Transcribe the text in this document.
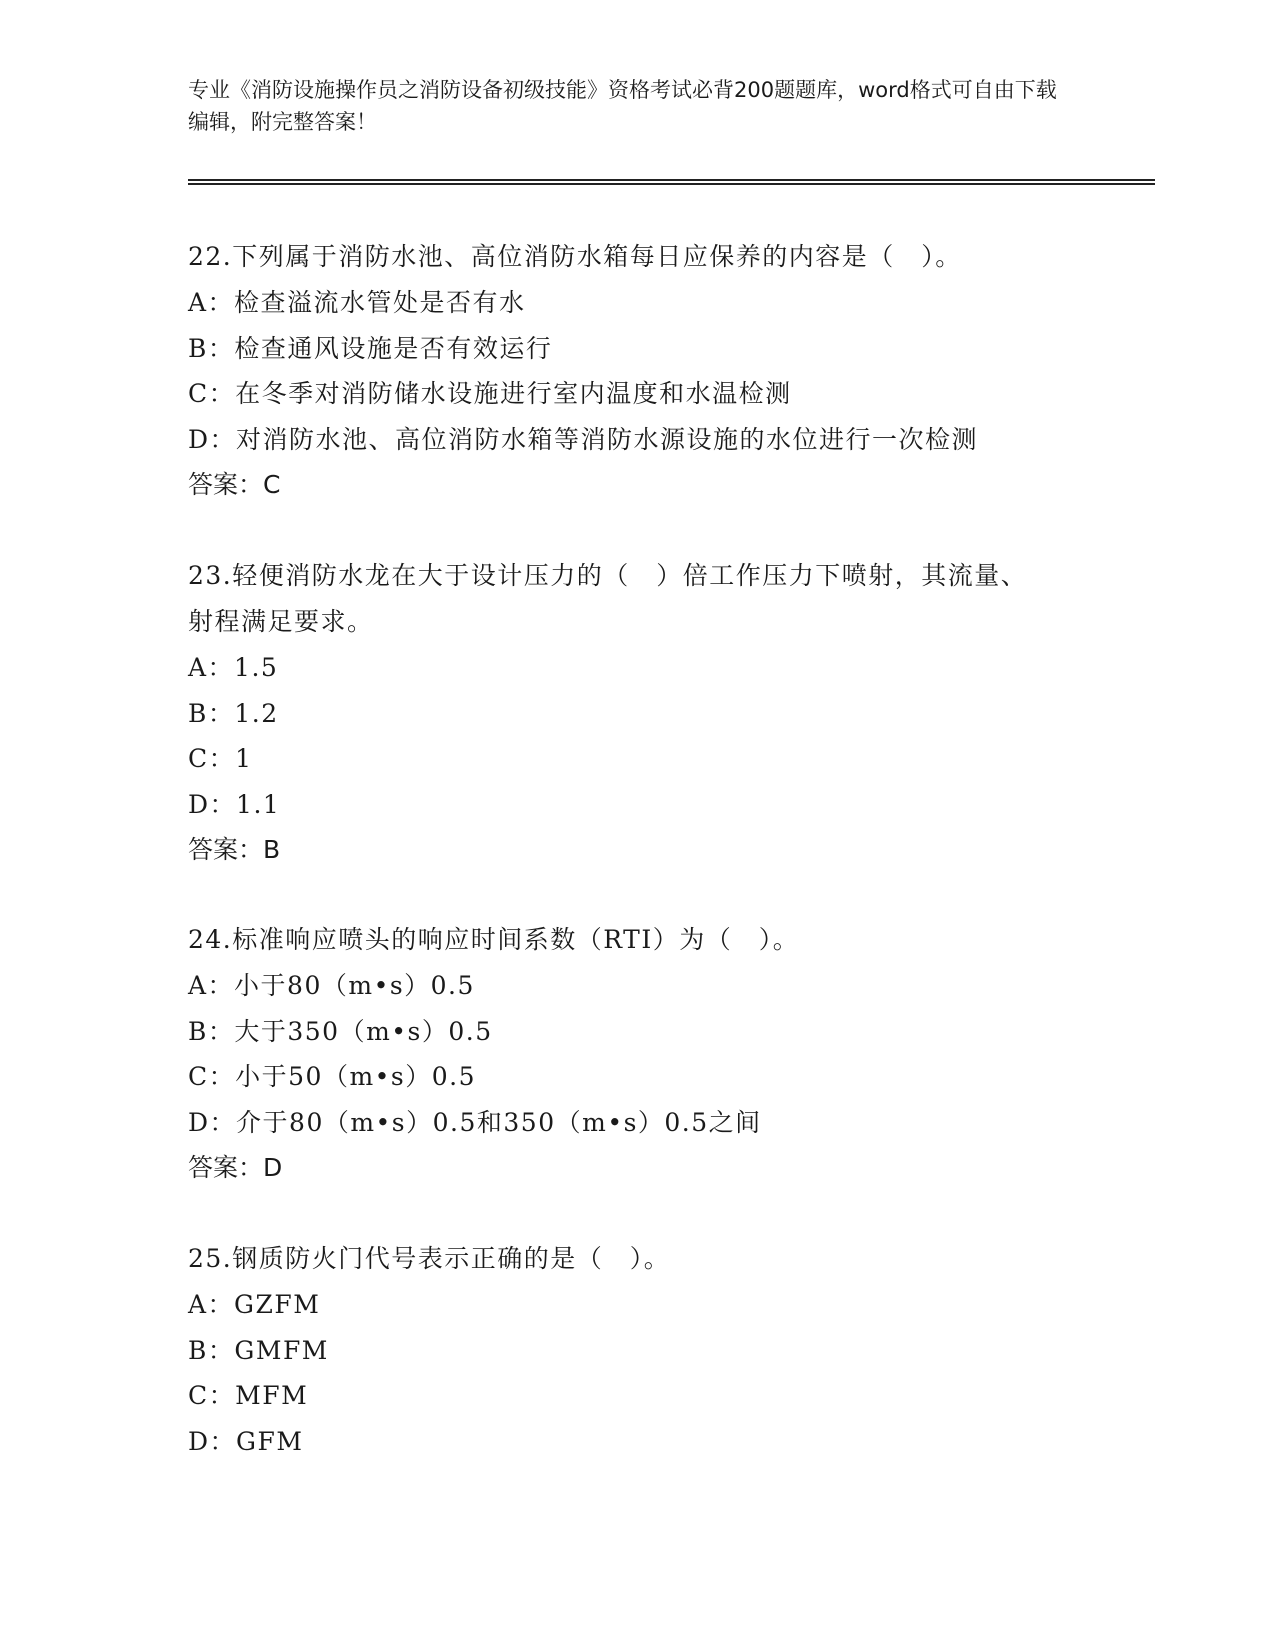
专业《消防设施操作员之消防设备初级技能》资格考试必背200题题库，word格式可自由下载编辑，附完整答案！

22.下列属于消防水池、高位消防水箱每日应保养的内容是（　）。

A：检查溢流水管处是否有水

B：检查通风设施是否有效运行

C：在冬季对消防储水设施进行室内温度和水温检测

D：对消防水池、高位消防水箱等消防水源设施的水位进行一次检测

答案：C

23.轻便消防水龙在大于设计压力的（　）倍工作压力下喷射，其流量、射程满足要求。

A：1.5

B：1.2

C：1

D：1.1

答案：B

24.标准响应喷头的响应时间系数（RTI）为（　）。

A：小于80（m•s）0.5

B：大于350（m•s）0.5

C：小于50（m•s）0.5

D：介于80（m•s）0.5和350（m•s）0.5之间

答案：D

25.钢质防火门代号表示正确的是（　）。

A：GZFM

B：GMFM

C：MFM

D：GFM
